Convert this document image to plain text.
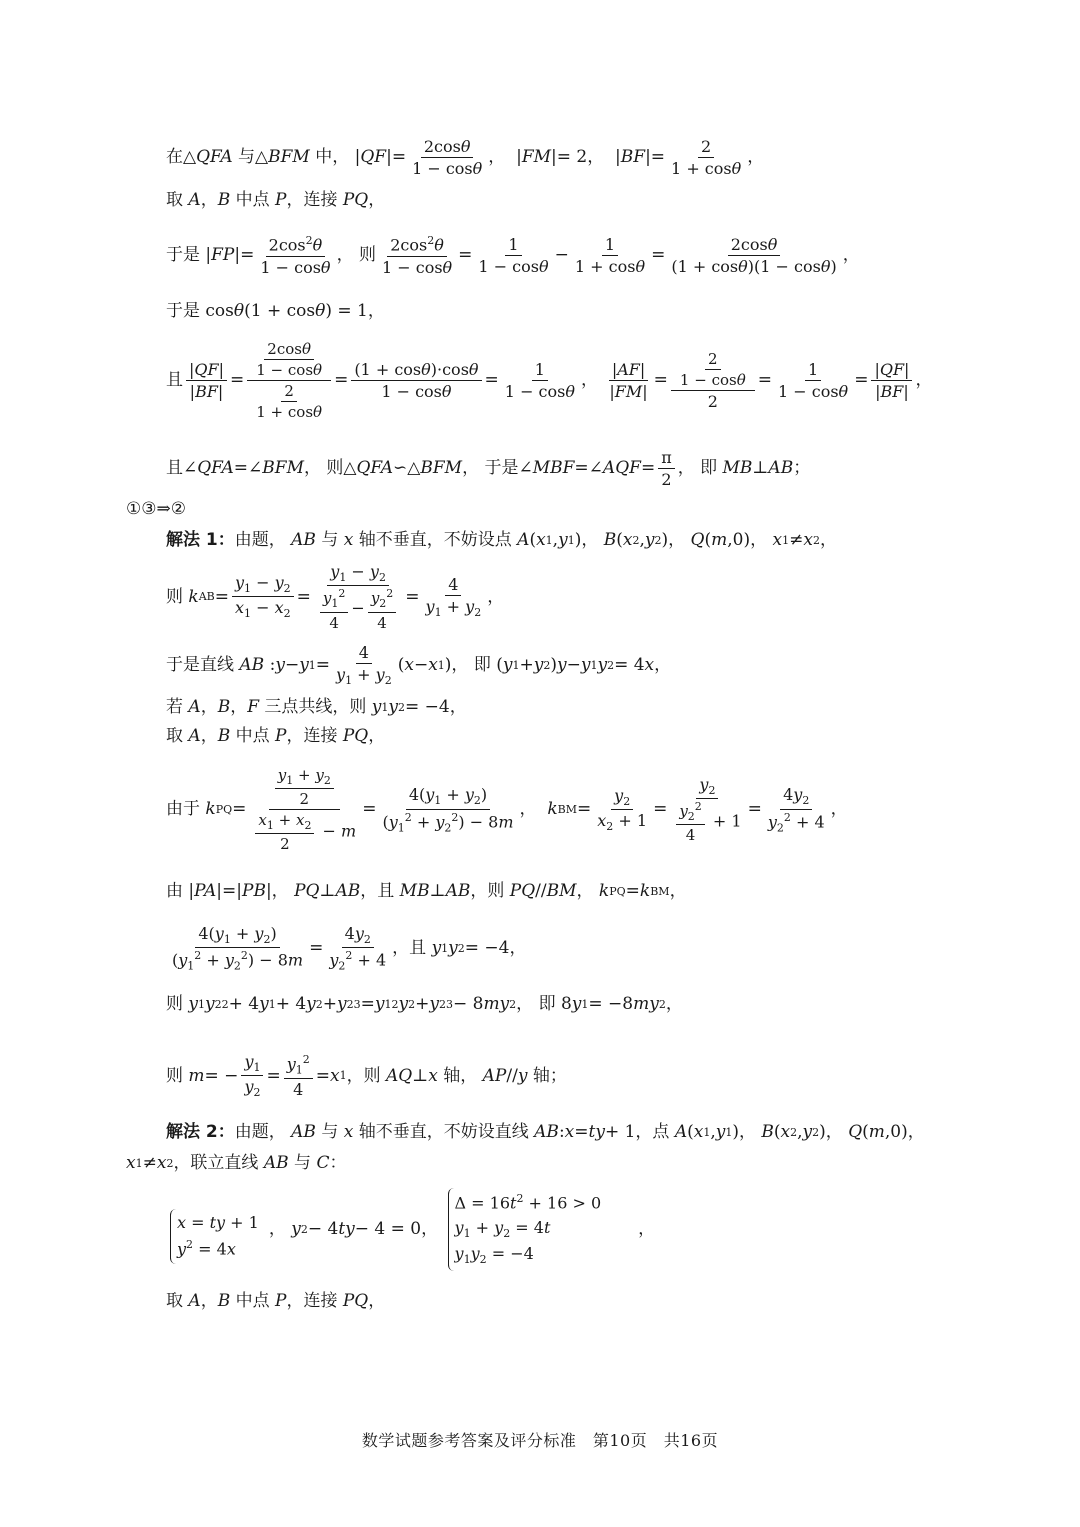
在△ QFA 与△ BFM 中， | QF |= $\frac{2\cos\theta}{1 - \cos\theta}$ ，  | FM |= 2，  | BF |= $\frac{2}{1 + \cos\theta}$ ，
取 A ， B 中点 P ，连接 PQ ，
于是 | FP |= $\frac{2\cos^2\theta}{1 - \cos\theta}$ ， 则 $\frac{2\cos^2\theta}{1 - \cos\theta} = \frac{1}{1 - \cos\theta} - \frac{1}{1 + \cos\theta} = \frac{2\cos\theta}{(1 + \cos\theta)(1 - \cos\theta)}$ ，
于是 cos θ (1 + cos θ ) = 1，
且 $\frac{|QF|}{|BF|} = \frac{\frac{2\cos\theta}{1 - \cos\theta}}{\frac{2}{1 + \cos\theta}} = \frac{(1 + \cos\theta)\cdot\cos\theta}{1 - \cos\theta} = \frac{1}{1 - \cos\theta}$ ， $\frac{|AF|}{|FM|} = \frac{\frac{2}{1 - \cos\theta}}{2} = \frac{1}{1 - \cos\theta} = \frac{|QF|}{|BF|}$ ，
且∠ QFA =∠ BFM ， 则△ QFA ∽△ BFM ， 于是∠ MBF =∠ AQF = $\frac{\pi}{2}$ ， 即 MB ⊥ AB ；
①③⇒②
解法 1： 由题， AB 与 x 轴不垂直，不妨设点 A ( x 1 , y 1 )， B ( x 2 , y 2 )， Q ( m ,0)， x 1 ≠ x 2 ，
则 k AB = $\frac{y_1 - y_2}{x_1 - x_2} = \frac{y_1 - y_2}{\frac{y_1^2}{4} - \frac{y_2^2}{4}} = \frac{4}{y_1 + y_2}$ ，
于是直线 AB : y − y $1 = \frac{4}{y_1 + y_2}$ ( x − x 1 )， 即 ( y 1 + y 2 ) y − y 1 y 2 = 4 x ，
若 A ， B ， F 三点共线，则 y 1 y 2 = −4，
取 A ， B 中点 P ，连接 PQ ，
由于 k PQ = $\frac{\frac{y_1 + y_2}{2}}{\frac{x_1 + x_2}{2} - m} = \frac{4(y_1 + y_2)}{(y_1^2 + y_2^2) - 8m}$ ， k BM = $\frac{y_2}{x_2 + 1} = \frac{y_2}{\frac{y_2^2}{4} + 1} = \frac{4y_2}{y_2^2 + 4}$ ，
由 | PA |=| PB |， PQ ⊥ AB ，且 MB ⊥ AB ，则 PQ // BM ， k PQ = k BM ，
$\frac{4(y_1 + y_2)}{(y_1^2 + y_2^2) - 8m} = \frac{4y_2}{y_2^2 + 4}$ ，且 y 1 y 2 = −4，
则 y 1 y 2 2 + 4 y 1 + 4 y 2 + y 2 3 = y 1 2 y 2 + y 2 3 − 8 my 2 ， 即 8 y 1 = −8 my 2 ，
则 m = − $\frac{y_1}{y_2} = \frac{y_1^2}{4} = x$ 1 ，则 AQ ⊥ x 轴， AP // y 轴；
解法 2： 由题， AB 与 x 轴不垂直，不妨设直线 AB : x = ty + 1，点 A ( x 1 , y 1 )， B ( x 2 , y 2 )， Q ( m ,0)，
x 1 ≠ x 2 ，联立直线 AB 与 C ：
x = ty + 1
$y^2 = 4x$
， y 2 − 4 ty − 4 = 0，
$\Delta = 16t^2 + 16 > 0$
$y_1 + y_2 = 4t$
$y_1y_2 = -4$
，
取 A ， B 中点 P ，连接 PQ ，
数学试题参考答案及评分标准　第10页　共16页
